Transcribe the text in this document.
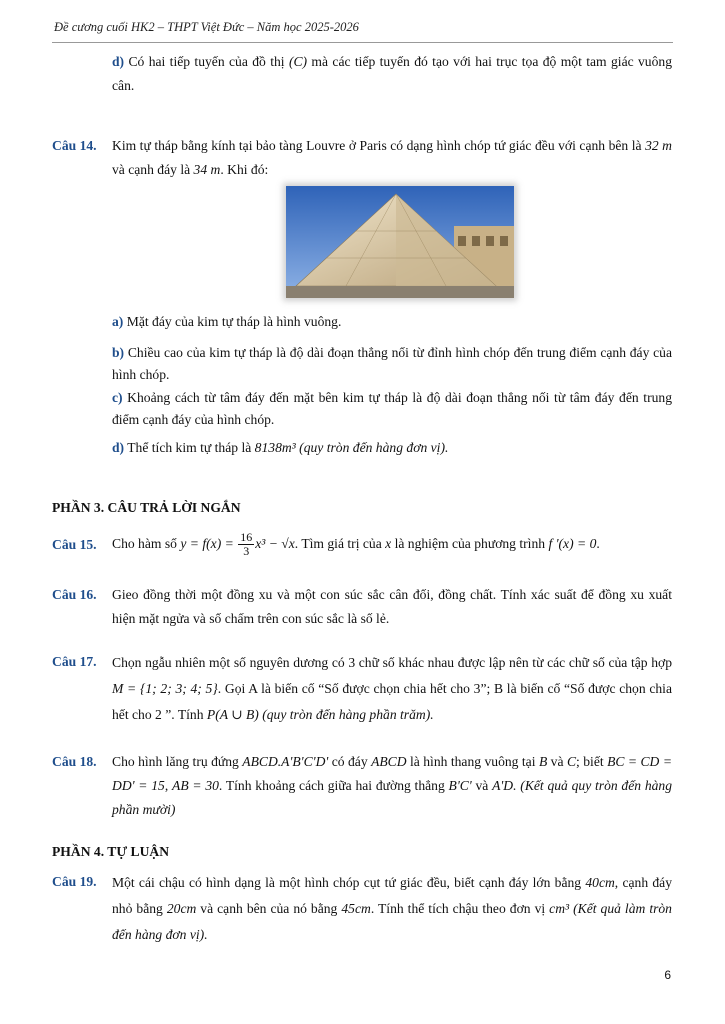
Đề cương cuối HK2 – THPT Việt Đức – Năm học 2025-2026
d) Có hai tiếp tuyến của đồ thị (C) mà các tiếp tuyến đó tạo với hai trục tọa độ một tam giác vuông cân.
Câu 14. Kim tự tháp bằng kính tại bảo tàng Louvre ở Paris có dạng hình chóp tứ giác đều với cạnh bên là 32 m và cạnh đáy là 34 m. Khi đó:
a) Mặt đáy của kim tự tháp là hình vuông.
b) Chiều cao của kim tự tháp là độ dài đoạn thẳng nối từ đỉnh hình chóp đến trung điểm cạnh đáy của hình chóp.
c) Khoảng cách từ tâm đáy đến mặt bên kim tự tháp là độ dài đoạn thẳng nối từ tâm đáy đến trung điểm cạnh đáy của hình chóp.
d) Thể tích kim tự tháp là 8138m³ (quy tròn đến hàng đơn vị).
PHẦN 3. CÂU TRẢ LỜI NGẮN
Câu 15. Cho hàm số $y = f(x) = \frac{16}{3} x^3 - √x$. Tìm giá trị của x là nghiệm của phương trình f '(x) = 0.
Câu 16. Gieo đồng thời một đồng xu và một con súc sắc cân đối, đồng chất. Tính xác suất để đồng xu xuất hiện mặt ngửa và số chấm trên con súc sắc là số lẻ.
Câu 17. Chọn ngẫu nhiên một số nguyên dương có 3 chữ số khác nhau được lập nên từ các chữ số của tập hợp M = {1; 2; 3; 4; 5}. Gọi A là biến cố “Số được chọn chia hết cho 3”; B là biến cố “Số được chọn chia hết cho 2 ”. Tính P(A ∪ B) (quy tròn đến hàng phần trăm).
Câu 18. Cho hình lăng trụ đứng ABCD.A'B'C'D' có đáy ABCD là hình thang vuông tại B và C; biết BC = CD = DD' = 15, AB = 30. Tính khoảng cách giữa hai đường thẳng B'C' và A'D. (Kết quả quy tròn đến hàng phần mười)
PHẦN 4. TỰ LUẬN
Câu 19. Một cái chậu có hình dạng là một hình chóp cụt tứ giác đều, biết cạnh đáy lớn bằng 40cm, cạnh đáy nhỏ bằng 20cm và cạnh bên của nó bằng 45cm. Tính thể tích chậu theo đơn vị cm³ (Kết quả làm tròn đến hàng đơn vị).
6
